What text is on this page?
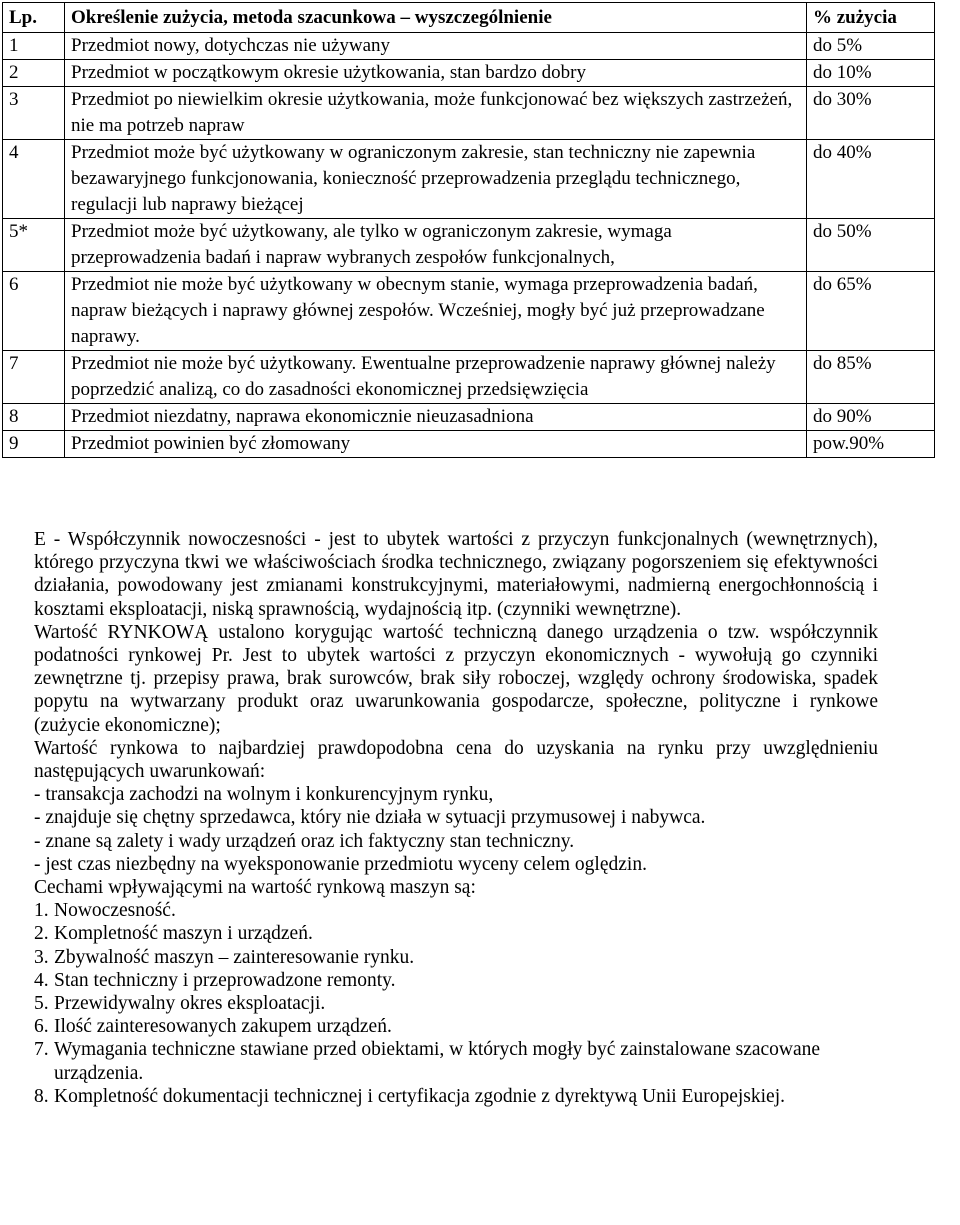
Lp.	Określenie zużycia, metoda szacunkowa – wyszczególnienie	% zużycia
1	Przedmiot nowy, dotychczas nie używany	do 5%
2	Przedmiot w początkowym okresie użytkowania, stan bardzo dobry	do 10%
3	Przedmiot po niewielkim okresie użytkowania, może funkcjonować bez większych zastrzeżeń, nie ma potrzeb napraw	do 30%
4	Przedmiot może być użytkowany w ograniczonym zakresie, stan techniczny nie zapewnia bezawaryjnego funkcjonowania, konieczność przeprowadzenia przeglądu technicznego, regulacji lub naprawy bieżącej	do 40%
5*	Przedmiot może być użytkowany, ale tylko w ograniczonym zakresie, wymaga przeprowadzenia badań i napraw wybranych zespołów funkcjonalnych,	do 50%
6	Przedmiot nie może być użytkowany w obecnym stanie, wymaga przeprowadzenia badań, napraw bieżących i naprawy głównej zespołów. Wcześniej, mogły być już przeprowadzane naprawy.	do 65%
7	Przedmiot nie może być użytkowany. Ewentualne przeprowadzenie naprawy głównej należy poprzedzić analizą, co do zasadności ekonomicznej przedsięwzięcia	do 85%
8	Przedmiot niezdatny, naprawa ekonomicznie nieuzasadniona	do 90%
9	Przedmiot powinien być złomowany	pow.90%

E - Współczynnik nowoczesności - jest to ubytek wartości z przyczyn funkcjonalnych (wewnętrznych), którego przyczyna tkwi we właściwościach środka technicznego, związany pogorszeniem się efektywności działania, powodowany jest zmianami konstrukcyjnymi, materiałowymi, nadmierną energochłonnością i kosztami eksploatacji, niską sprawnością, wydajnością itp. (czynniki wewnętrzne).

Wartość RYNKOWĄ ustalono korygując wartość techniczną danego urządzenia o tzw. współczynnik podatności rynkowej Pr. Jest to ubytek wartości z przyczyn ekonomicznych - wywołują go czynniki zewnętrzne tj. przepisy prawa, brak surowców, brak siły roboczej, względy ochrony środowiska, spadek popytu na wytwarzany produkt oraz uwarunkowania gospodarcze, społeczne, polityczne i rynkowe (zużycie ekonomiczne);

Wartość rynkowa to najbardziej prawdopodobna cena do uzyskania na rynku przy uwzględnieniu następujących uwarunkowań:

- transakcja zachodzi na wolnym i konkurencyjnym rynku,

- znajduje się chętny sprzedawca, który nie działa w sytuacji przymusowej i nabywca.

- znane są zalety i wady urządzeń oraz ich faktyczny stan techniczny.

- jest czas niezbędny na wyeksponowanie przedmiotu wyceny celem oględzin.

Cechami wpływającymi na wartość rynkową maszyn są:

1. Nowoczesność.
2. Kompletność maszyn i urządzeń.
3. Zbywalność maszyn – zainteresowanie rynku.
4. Stan techniczny i przeprowadzone remonty.
5. Przewidywalny okres eksploatacji.
6. Ilość zainteresowanych zakupem urządzeń.
7. Wymagania techniczne stawiane przed obiektami, w których mogły być zainstalowane szacowane urządzenia.
8. Kompletność dokumentacji technicznej i certyfikacja zgodnie z dyrektywą Unii Europejskiej.
